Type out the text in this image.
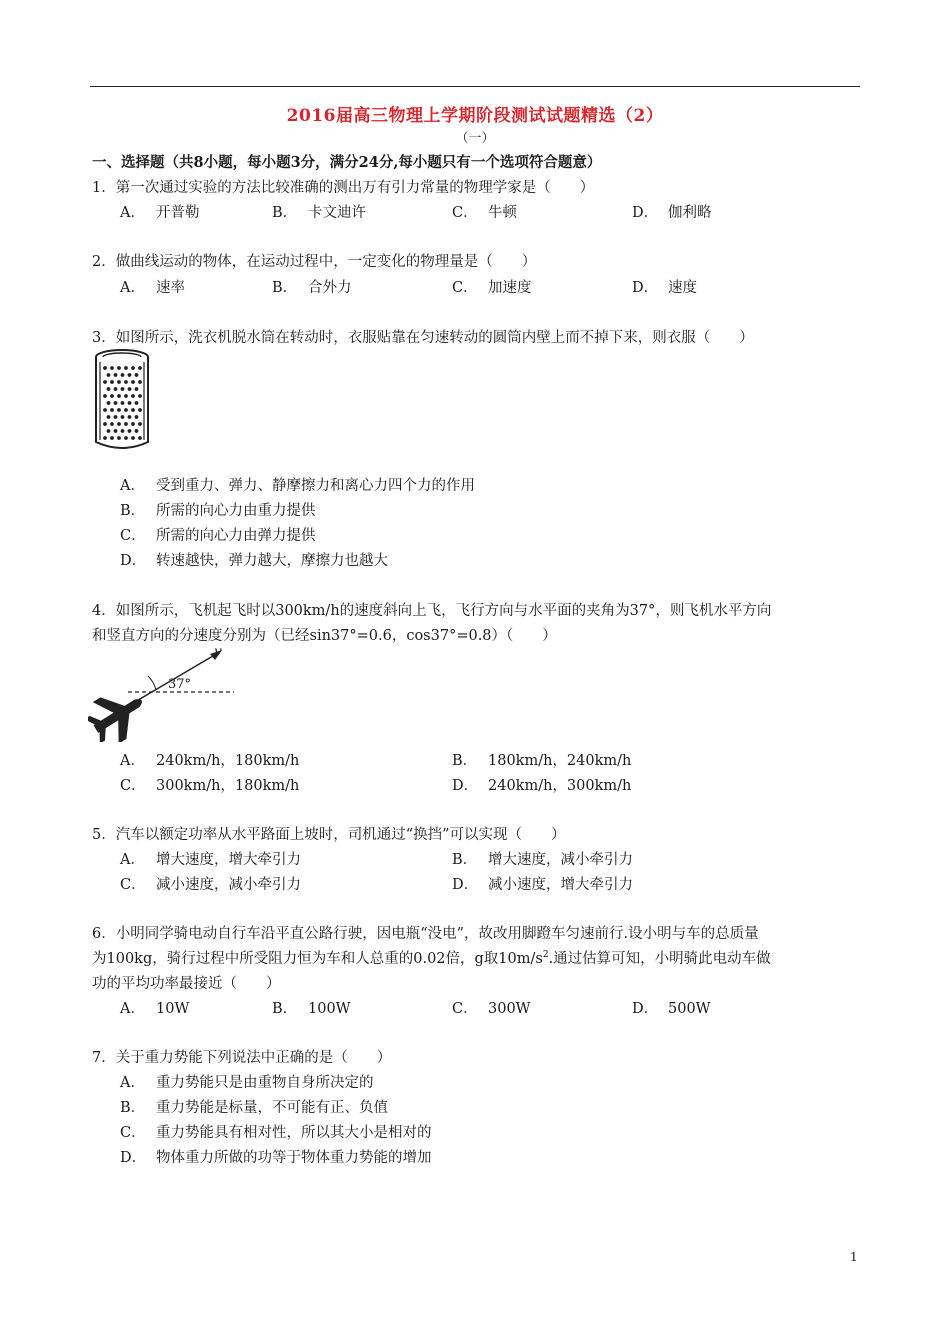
2016届高三物理上学期阶段测试试题精选（2）
（一）
一、选择题（共8小题，每小题3分，满分24分,每小题只有一个选项符合题意）
1．第一次通过实验的方法比较准确的测出万有引力常量的物理学家是（　　）
A． 开普勒	B． 卡文迪许	C． 牛顿	D． 伽利略
2．做曲线运动的物体，在运动过程中，一定变化的物理量是（　　）
A． 速率	B． 合外力	C． 加速度	D． 速度
3．如图所示，洗衣机脱水筒在转动时，衣服贴靠在匀速转动的圆筒内壁上而不掉下来，则衣服（　　）
A． 受到重力、弹力、静摩擦力和离心力四个力的作用
B． 所需的向心力由重力提供
C． 所需的向心力由弹力提供
D． 转速越快，弹力越大，摩擦力也越大
4．如图所示，飞机起飞时以300km/h的速度斜向上飞，飞行方向与水平面的夹角为37°，则飞机水平方向
和竖直方向的分速度分别为（已经sin37°=0.6，cos37°=0.8）（　　）
v
37°
A． 240km/h，180km/h	B． 180km/h，240km/h
C． 300km/h，180km/h	D． 240km/h，300km/h
5．汽车以额定功率从水平路面上坡时，司机通过“换挡”可以实现（　　）
A． 增大速度，增大牵引力	B． 增大速度，减小牵引力
C． 减小速度，减小牵引力	D． 减小速度，增大牵引力
6．小明同学骑电动自行车沿平直公路行驶，因电瓶“没电”，故改用脚蹬车匀速前行.设小明与车的总质量
为100kg，骑行过程中所受阻力恒为车和人总重的0.02倍，g取$10m/s^2$.通过估算可知，小明骑此电动车做
功的平均功率最接近（　　）
A． 10W	B． 100W	C． 300W	D． 500W
7．关于重力势能下列说法中正确的是（　　）
A． 重力势能只是由重物自身所决定的
B． 重力势能是标量，不可能有正、负值
C． 重力势能具有相对性，所以其大小是相对的
D． 物体重力所做的功等于物体重力势能的增加
1
